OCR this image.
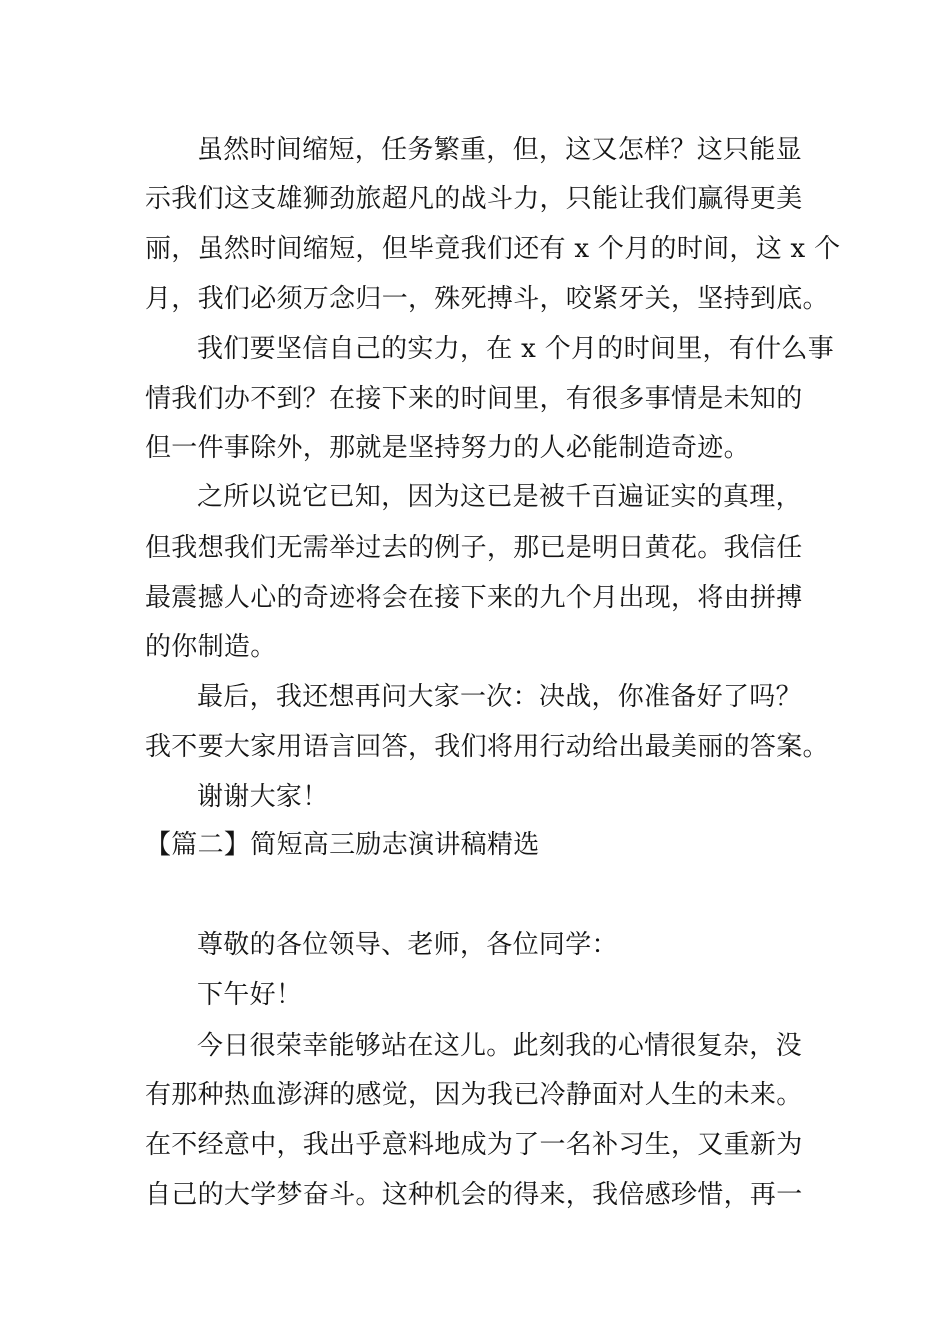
虽然时间缩短，任务繁重，但，这又怎样？这只能显
示我们这支雄狮劲旅超凡的战斗力，只能让我们赢得更美
丽，虽然时间缩短，但毕竟我们还有 x 个月的时间，这 x 个
月，我们必须万念归一，殊死搏斗，咬紧牙关，坚持到底。
我们要坚信自己的实力，在 x 个月的时间里，有什么事
情我们办不到？在接下来的时间里，有很多事情是未知的
但一件事除外，那就是坚持努力的人必能制造奇迹。
之所以说它已知，因为这已是被千百遍证实的真理，
但我想我们无需举过去的例子，那已是明日黄花。我信任
最震撼人心的奇迹将会在接下来的九个月出现，将由拼搏
的你制造。
最后，我还想再问大家一次：决战，你准备好了吗？
我不要大家用语言回答，我们将用行动给出最美丽的答案。
谢谢大家！
【篇二】简短高三励志演讲稿精选
尊敬的各位领导、老师，各位同学：
下午好！
今日很荣幸能够站在这儿。此刻我的心情很复杂，没
有那种热血澎湃的感觉，因为我已冷静面对人生的未来。
在不经意中，我出乎意料地成为了一名补习生，又重新为
自己的大学梦奋斗。这种机会的得来，我倍感珍惜，再一
